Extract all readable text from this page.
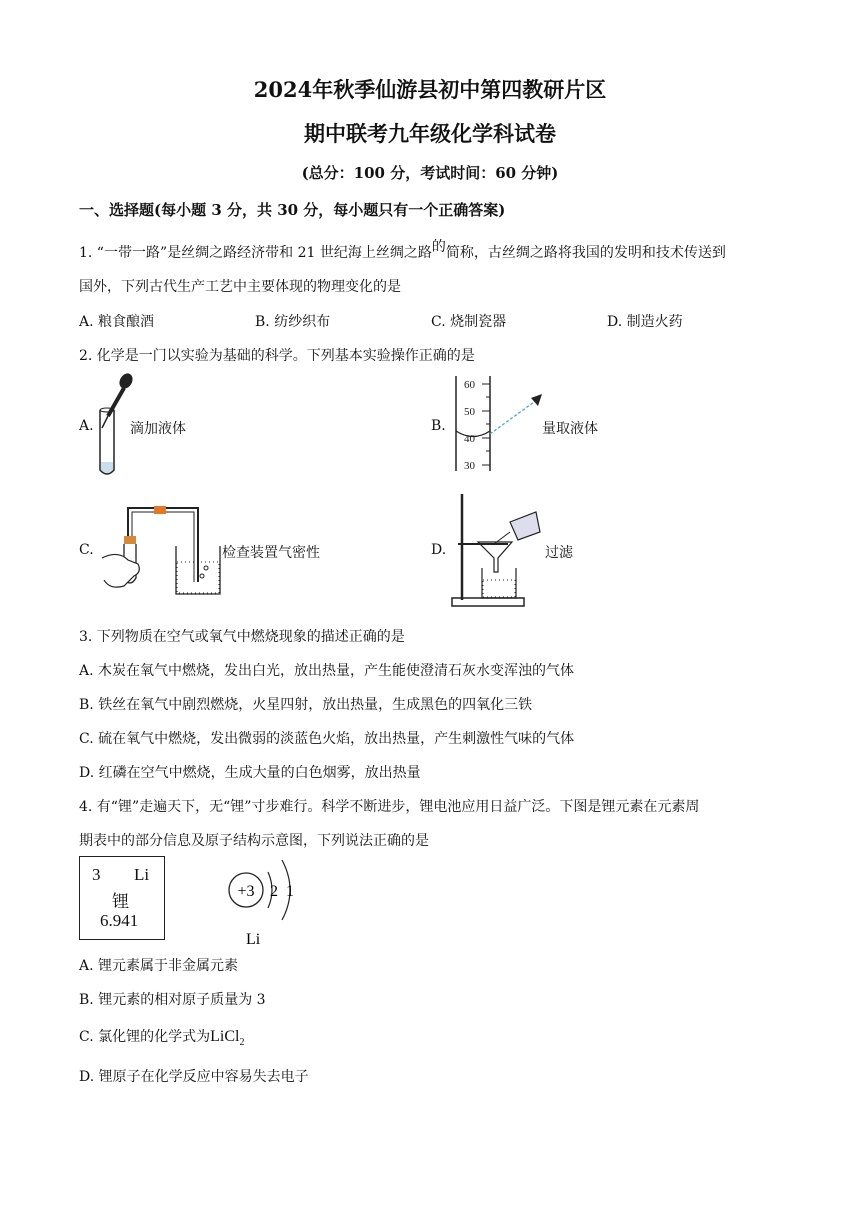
2024年秋季仙游县初中第四教研片区
期中联考九年级化学科试卷
(总分：100 分，考试时间：60 分钟)
一、选择题(每小题 3 分，共 30 分，每小题只有一个正确答案)
1. “一带一路”是丝绸之路经济带和 21 世纪海上丝绸之路的简称，古丝绸之路将我国的发明和技术传送到
国外，下列古代生产工艺中主要体现的物理变化的是
A. 粮食酿酒	B. 纺纱织布	C. 烧制瓷器	D. 制造火药
2. 化学是一门以实验为基础的科学。下列基本实验操作正确的是
A.	滴加液体	B.
60
50
40
30
量取液体
C.	检查装置气密性	D.	过滤
3. 下列物质在空气或氧气中燃烧现象的描述正确的是
A. 木炭在氧气中燃烧，发出白光，放出热量，产生能使澄清石灰水变浑浊的气体
B. 铁丝在氧气中剧烈燃烧，火星四射，放出热量，生成黑色的四氧化三铁
C. 硫在氧气中燃烧，发出微弱的淡蓝色火焰，放出热量，产生刺激性气味的气体
D. 红磷在空气中燃烧，生成大量的白色烟雾，放出热量
4. 有“锂”走遍天下，无“锂”寸步难行。科学不断进步，锂电池应用日益广泛。下图是锂元素在元素周
期表中的部分信息及原子结构示意图，下列说法正确的是
3 Li
锂
6.941
+3 2 1
Li
A. 锂元素属于非金属元素
B. 锂元素的相对原子质量为 3
C. 氯化锂的化学式为LiCl$_2$
D. 锂原子在化学反应中容易失去电子
